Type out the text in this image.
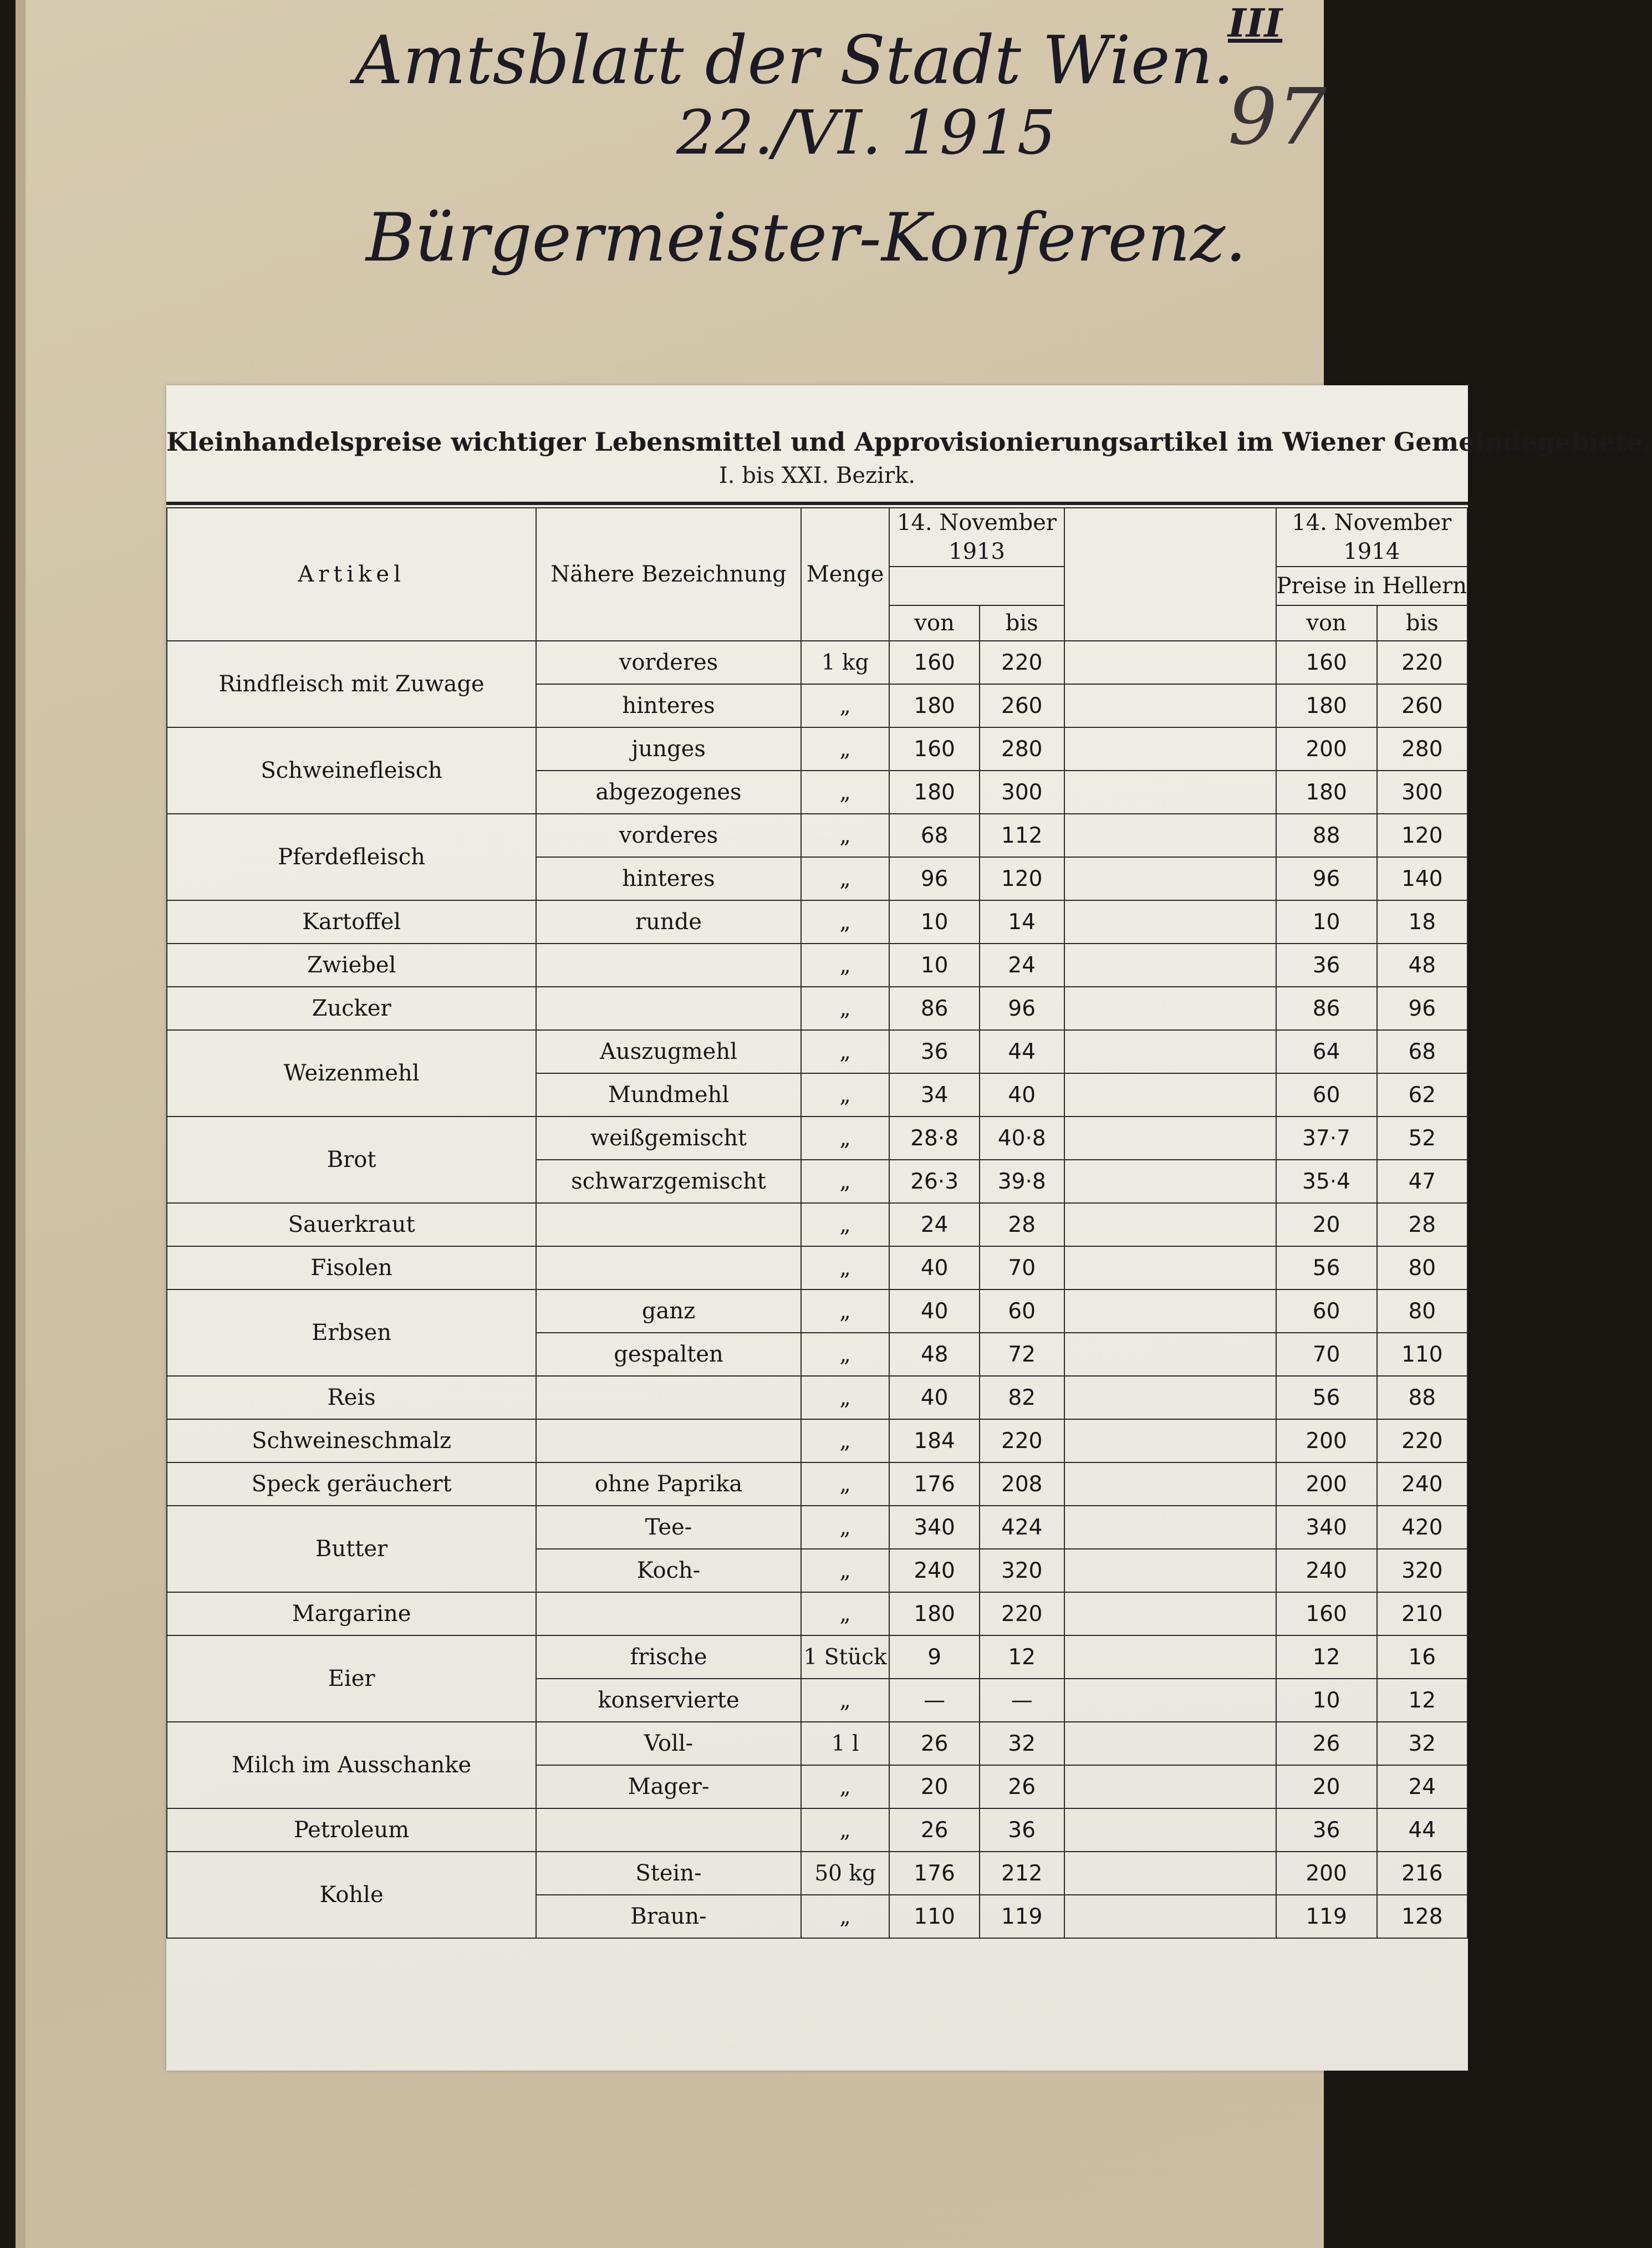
Amtsblatt der Stadt Wien.
22./VI. 1915
Bürgermeister-Konferenz.
III
97
Kleinhandelspreise wichtiger Lebensmittel und Approvisionierungsartikel im Wiener Gemeindegebiete.
I. bis XXI. Bezirk.
Artikel	Nähere Bezeichnung	Menge	14. November 1913			14. November 1914	
						Preise in Hellern	
			von	bis		von	bis
Rindfleisch mit Zuwage	vorderes	1 kg	160	220		160	220
	hinteres	„	180	260		180	260
Schweinefleisch	junges	„	160	280		200	280
	abgezogenes	„	180	300		180	300
Pferdefleisch	vorderes	„	68	112		88	120
	hinteres	„	96	120		96	140
Kartoffel	runde	„	10	14		10	18
Zwiebel		„	10	24		36	48
Zucker		„	86	96		86	96
Weizenmehl	Auszugmehl	„	36	44		64	68
	Mundmehl	„	34	40		60	62
Brot	weißgemischt	„	28·8	40·8		37·7	52
	schwarzgemischt	„	26·3	39·8		35·4	47
Sauerkraut		„	24	28		20	28
Fisolen		„	40	70		56	80
Erbsen	ganz	„	40	60		60	80
	gespalten	„	48	72		70	110
Reis		„	40	82		56	88
Schweineschmalz		„	184	220		200	220
Speck geräuchert	ohne Paprika	„	176	208		200	240
Butter	Tee-	„	340	424		340	420
	Koch-	„	240	320		240	320
Margarine		„	180	220		160	210
Eier	frische	1 Stück	9	12		12	16
	konservierte	„	—	—		10	12
Milch im Ausschanke	Voll-	1 l	26	32		26	32
	Mager-	„	20	26		20	24
Petroleum		„	26	36		36	44
Kohle	Stein-	50 kg	176	212		200	216
	Braun-	„	110	119		119	128
